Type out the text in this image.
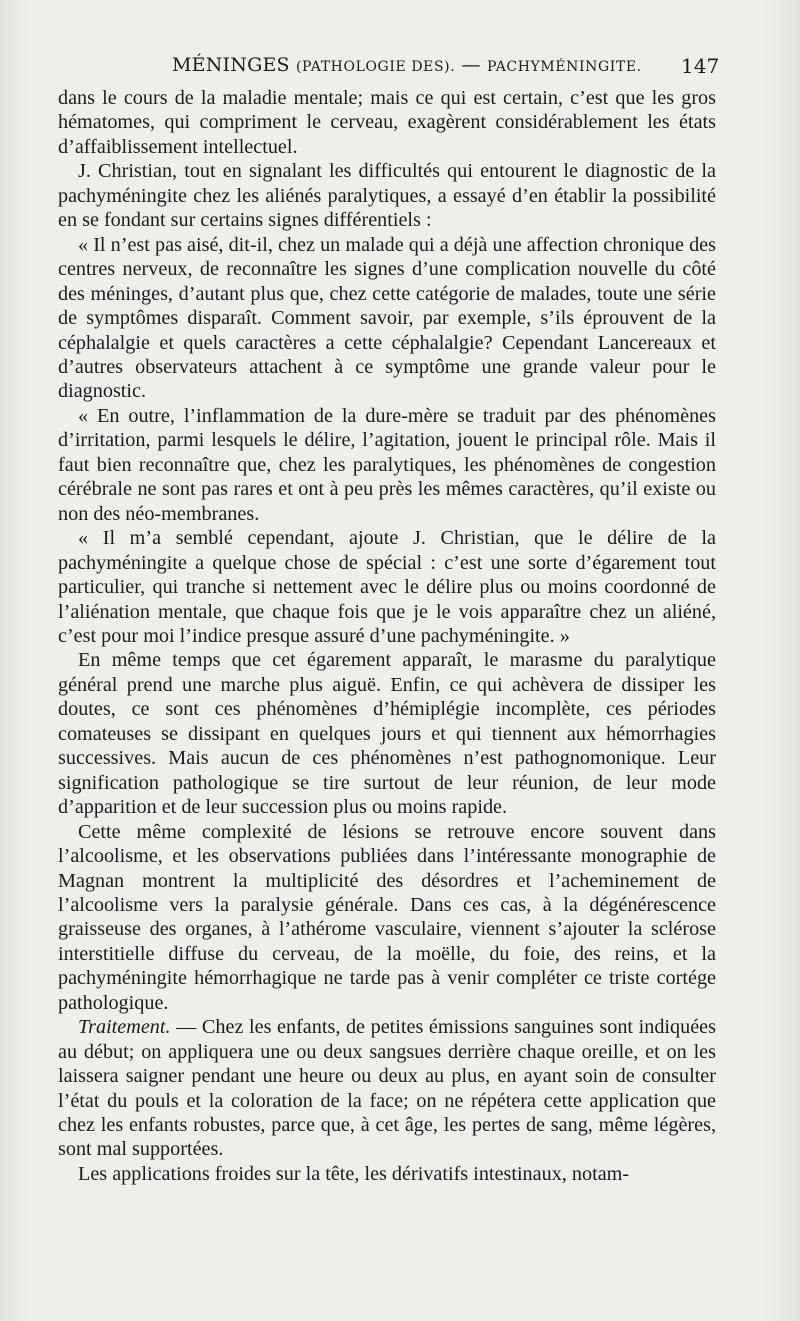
MÉNINGES (PATHOLOGIE DES). — PACHYMÉNINGITE. 147

dans le cours de la maladie mentale; mais ce qui est certain, c’est que les gros hématomes, qui compriment le cerveau, exagèrent considérablement les états d’affaiblissement intellectuel.

J. Christian, tout en signalant les difficultés qui entourent le diagnostic de la pachyméningite chez les aliénés paralytiques, a essayé d’en établir la possibilité en se fondant sur certains signes différentiels :

« Il n’est pas aisé, dit-il, chez un malade qui a déjà une affection chronique des centres nerveux, de reconnaître les signes d’une complication nouvelle du côté des méninges, d’autant plus que, chez cette catégorie de malades, toute une série de symptômes disparaît. Comment savoir, par exemple, s’ils éprouvent de la céphalalgie et quels caractères a cette céphalalgie? Cependant Lancereaux et d’autres observateurs attachent à ce symptôme une grande valeur pour le diagnostic.

« En outre, l’inflammation de la dure-mère se traduit par des phénomènes d’irritation, parmi lesquels le délire, l’agitation, jouent le principal rôle. Mais il faut bien reconnaître que, chez les paralytiques, les phénomènes de congestion cérébrale ne sont pas rares et ont à peu près les mêmes caractères, qu’il existe ou non des néo-membranes.

« Il m’a semblé cependant, ajoute J. Christian, que le délire de la pachyméningite a quelque chose de spécial : c’est une sorte d’égarement tout particulier, qui tranche si nettement avec le délire plus ou moins coordonné de l’aliénation mentale, que chaque fois que je le vois apparaître chez un aliéné, c’est pour moi l’indice presque assuré d’une pachyméningite. »

En même temps que cet égarement apparaît, le marasme du paralytique général prend une marche plus aiguë. Enfin, ce qui achèvera de dissiper les doutes, ce sont ces phénomènes d’hémiplégie incomplète, ces périodes comateuses se dissipant en quelques jours et qui tiennent aux hémorrhagies successives. Mais aucun de ces phénomènes n’est pathognomonique. Leur signification pathologique se tire surtout de leur réunion, de leur mode d’apparition et de leur succession plus ou moins rapide.

Cette même complexité de lésions se retrouve encore souvent dans l’alcoolisme, et les observations publiées dans l’intéressante monographie de Magnan montrent la multiplicité des désordres et l’acheminement de l’alcoolisme vers la paralysie générale. Dans ces cas, à la dégénérescence graisseuse des organes, à l’athérome vasculaire, viennent s’ajouter la sclérose interstitielle diffuse du cerveau, de la moëlle, du foie, des reins, et la pachyméningite hémorrhagique ne tarde pas à venir compléter ce triste cortége pathologique.

Traitement. — Chez les enfants, de petites émissions sanguines sont indiquées au début; on appliquera une ou deux sangsues derrière chaque oreille, et on les laissera saigner pendant une heure ou deux au plus, en ayant soin de consulter l’état du pouls et la coloration de la face; on ne répétera cette application que chez les enfants robustes, parce que, à cet âge, les pertes de sang, même légères, sont mal supportées.

Les applications froides sur la tête, les dérivatifs intestinaux, notam-
